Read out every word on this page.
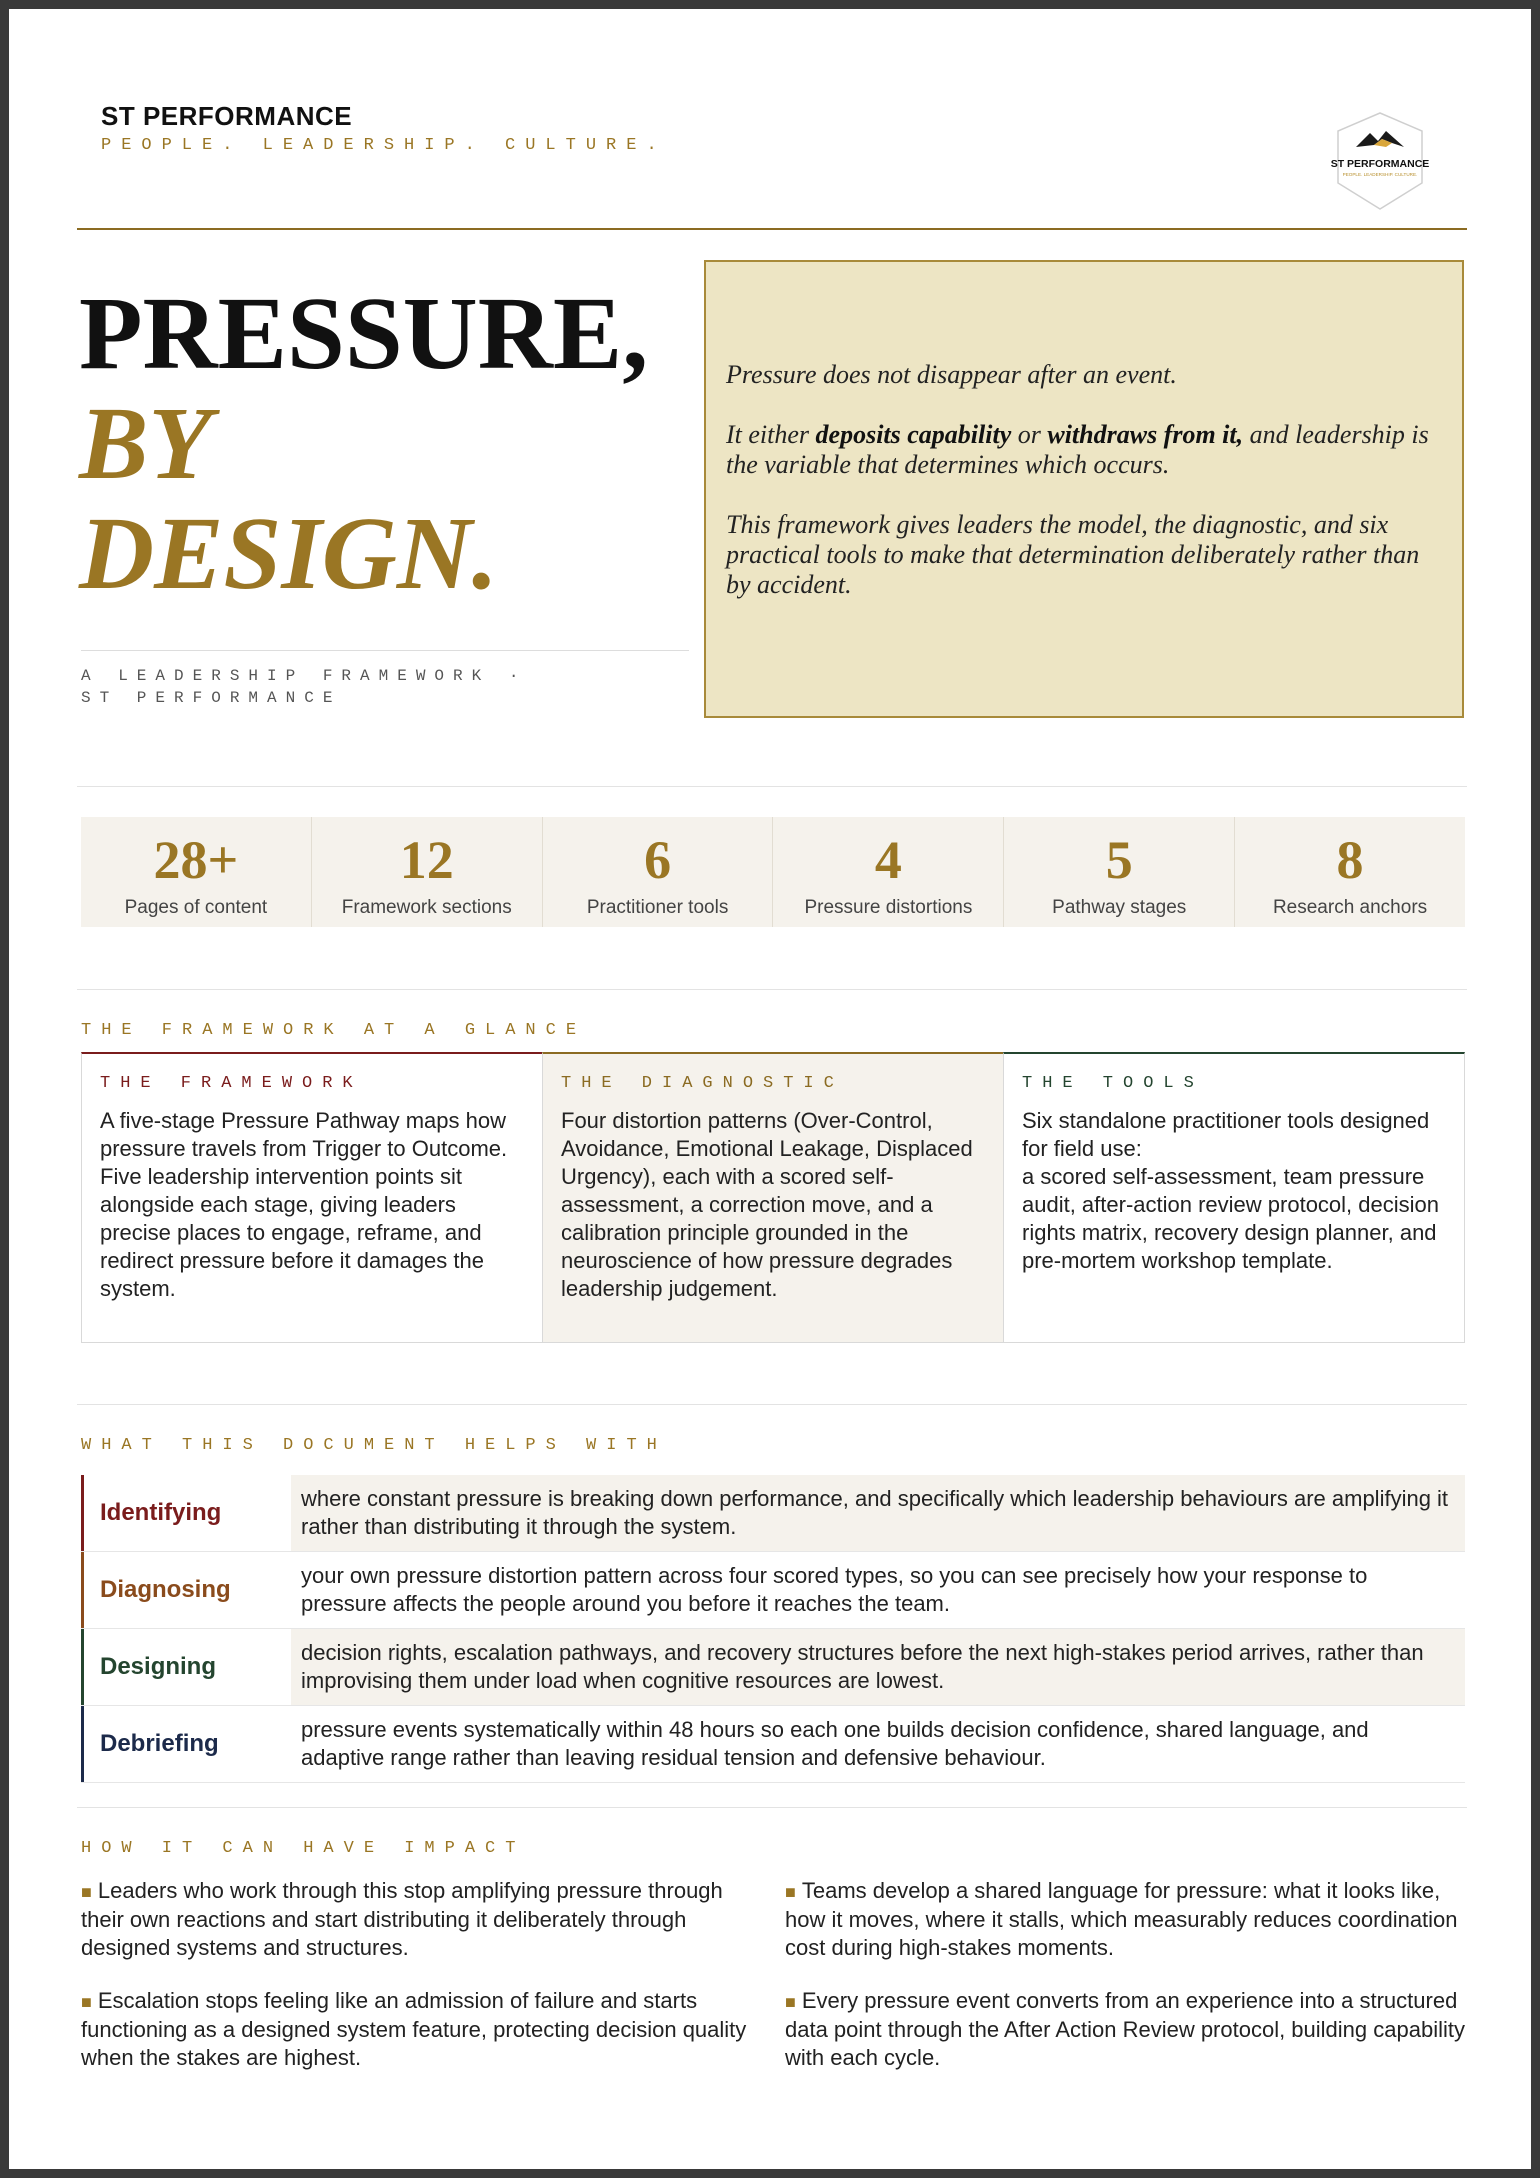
ST PERFORMANCE
PEOPLE. LEADERSHIP. CULTURE.
ST PERFORMANCE
PEOPLE. LEADERSHIP. CULTURE.
PRESSURE,
BY
DESIGN.
A LEADERSHIP FRAMEWORK ·
ST PERFORMANCE

Pressure does not disappear after an event.

It either deposits capability or withdraws from it, and leadership is the variable that determines which occurs.

This framework gives leaders the model, the diagnostic, and six practical tools to make that determination deliberately rather than by accident.

28+
Pages of content
12
Framework sections
6
Practitioner tools
4
Pressure distortions
5
Pathway stages
8
Research anchors
THE FRAMEWORK AT A GLANCE
THE FRAMEWORK
A five-stage Pressure Pathway maps how pressure travels from Trigger to Outcome.
Five leadership intervention points sit alongside each stage, giving leaders precise places to engage, reframe, and redirect pressure before it damages the system.
THE DIAGNOSTIC
Four distortion patterns (Over-Control, Avoidance, Emotional Leakage, Displaced Urgency), each with a scored self-assessment, a correction move, and a calibration principle grounded in the neuroscience of how pressure degrades leadership judgement.
THE TOOLS
Six standalone practitioner tools designed for field use:
a scored self-assessment, team pressure audit, after-action review protocol, decision rights matrix, recovery design planner, and pre-mortem workshop template.
WHAT THIS DOCUMENT HELPS WITH
Identifying
where constant pressure is breaking down performance, and specifically which leadership behaviours are amplifying it rather than distributing it through the system.
Diagnosing
your own pressure distortion pattern across four scored types, so you can see precisely how your response to pressure affects the people around you before it reaches the team.
Designing
decision rights, escalation pathways, and recovery structures before the next high-stakes period arrives, rather than improvising them under load when cognitive resources are lowest.
Debriefing
pressure events systematically within 48 hours so each one builds decision confidence, shared language, and adaptive range rather than leaving residual tension and defensive behaviour.
HOW IT CAN HAVE IMPACT
■ Leaders who work through this stop amplifying pressure through their own reactions and start distributing it deliberately through designed systems and structures.
■ Teams develop a shared language for pressure: what it looks like, how it moves, where it stalls, which measurably reduces coordination cost during high-stakes moments.
■ Escalation stops feeling like an admission of failure and starts functioning as a designed system feature, protecting decision quality when the stakes are highest.
■ Every pressure event converts from an experience into a structured data point through the After Action Review protocol, building capability with each cycle.
